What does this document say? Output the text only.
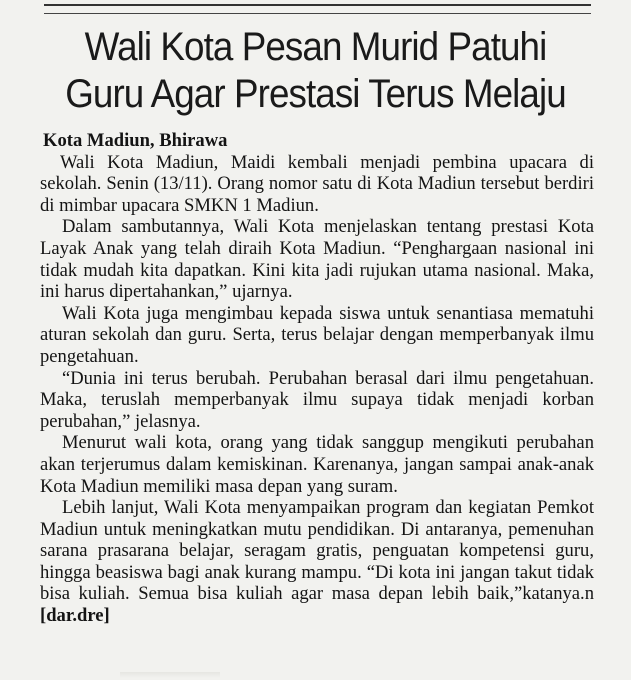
Wali Kota Pesan Murid Patuhi
Guru Agar Prestasi Terus Melaju

Kota Madiun, Bhirawa

Wali Kota Madiun, Maidi kembali menjadi pembina upacara di sekolah. Senin (13/11). Orang nomor satu di Kota Madiun tersebut berdiri di mimbar upacara SMKN 1 Madiun.

Dalam sambutannya, Wali Kota menjelaskan tentang prestasi Kota Layak Anak yang telah diraih Kota Madiun. “Penghargaan nasional ini tidak mudah kita dapatkan. Kini kita jadi rujukan utama nasional. Maka, ini harus dipertahankan,” ujarnya.

Wali Kota juga mengimbau kepada siswa untuk senantiasa mematuhi aturan sekolah dan guru. Serta, terus belajar dengan memperbanyak ilmu pengetahuan.

“Dunia ini terus berubah. Perubahan berasal dari ilmu pengetahuan. Maka, teruslah memperbanyak ilmu supaya tidak menjadi korban perubahan,” jelasnya.

Menurut wali kota, orang yang tidak sanggup mengikuti perubahan akan terjerumus dalam kemiskinan. Karenanya, jangan sampai anak-anak Kota Madiun memiliki masa depan yang suram.

Lebih lanjut, Wali Kota menyampaikan program dan kegiatan Pemkot Madiun untuk meningkatkan mutu pendidikan. Di antaranya, pemenuhan sarana prasarana belajar, seragam gratis, penguatan kompetensi guru, hingga beasiswa bagi anak kurang mampu. “Di kota ini jangan takut tidak bisa kuliah. Semua bisa kuliah agar masa depan lebih baik,”katanya.n [dar.dre]
